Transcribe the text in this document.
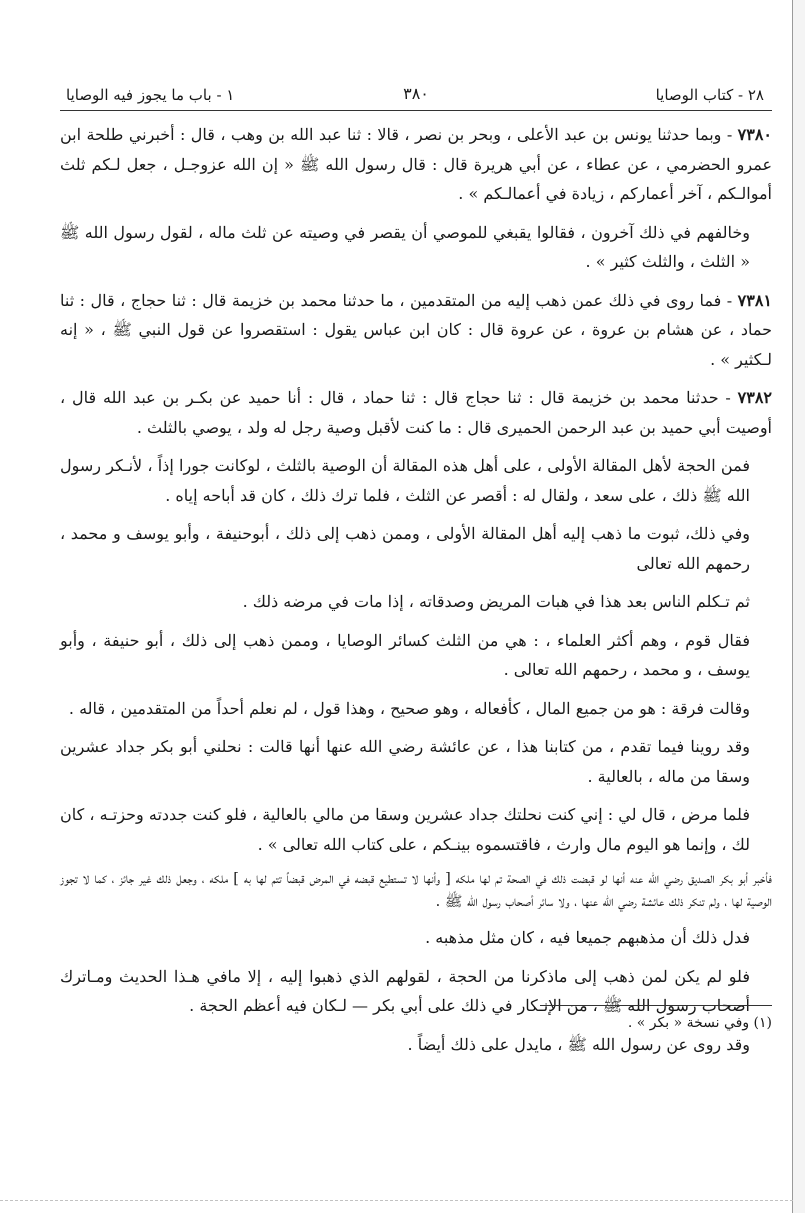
٢٨ - كتاب الوصايا
٣٨٠
١ - باب ما يجوز فيه الوصايا

٧٣٨٠ - وبما حدثنا يونس بن عبد الأعلى ، وبحر بن نصر ، قالا : ثنا عبد الله بن وهب ، قال : أخبرني طلحة ابن عمرو الحضرمي ، عن عطاء ، عن أبي هريرة قال : قال رسول الله ﷺ « إن الله عزوجـل ، جعل لـكم ثلث أموالـكم ، آخر أعماركم ، زيادة في أعمالـكم » .

وخالفهم في ذلك آخرون ، فقالوا يقبغي للموصي أن يقصر في وصيته عن ثلث ماله ، لقول رسول الله ﷺ « الثلث ، والثلث كثير » .

٧٣٨١ - فما روى في ذلك عمن ذهب إليه من المتقدمين ، ما حدثنا محمد بن خزيمة قال : ثنا حجاج ، قال : ثنا حماد ، عن هشام بن عروة ، عن عروة قال : كان ابن عباس يقول : استقصروا عن قول النبي ﷺ ، « إنه لـكثير » .

٧٣٨٢ - حدثنا محمد بن خزيمة قال : ثنا حجاج قال : ثنا حماد ، قال : أنا حميد عن بكـر بن عبد الله قال ، أوصيت أبي حميد بن عبد الرحمن الحميرى قال : ما كنت لأقبل وصية رجل له ولد ، يوصي بالثلث .

فمن الحجة لأهل المقالة الأولى ، على أهل هذه المقالة أن الوصية بالثلث ، لوكانت جورا إذاً ، لأنـكر رسول الله ﷺ ذلك ، على سعد ، ولقال له : أقصر عن الثلث ، فلما ترك ذلك ، كان قد أباحه إياه .

وفي ذلك، ثبوت ما ذهب إليه أهل المقالة الأولى ، وممن ذهب إلى ذلك ، أبوحنيفة ، وأبو يوسف و محمد ، رحمهم الله تعالى

ثم تـكلم الناس بعد هذا في هبات المريض وصدقاته ، إذا مات في مرضه ذلك .

فقال قوم ، وهم أكثر العلماء ، : هي من الثلث كسائر الوصايا ، وممن ذهب إلى ذلك ، أبو حنيفة ، وأبو يوسف ، و محمد ، رحمهم الله تعالى .

وقالت فرقة : هو من جميع المال ، كأفعاله ، وهو صحيح ، وهذا قول ، لم نعلم أحداً من المتقدمين ، قاله .

وقد روينا فيما تقدم ، من كتابنا هذا ، عن عائشة رضي الله عنها أنها قالت : نحلني أبو بكر جداد عشرين وسقا من ماله ، بالعالية .

فلما مرض ، قال لي : إني كنت نحلتك جداد عشرين وسقا من مالي بالعالية ، فلو كنت جددته وحزتـه ، كان لك ، وإنما هو اليوم مال وارث ، فاقتسموه بينـكم ، على كتاب الله تعالى » .

فأخبر أبو بكر الصديق رضي الله عنه أنها لو قبضت ذلك في الصحة تم لها ملكه [ وأنها لا تستطيع قبضه في المرض قبضاً تتم لها به ] ملكه ، وجعل ذلك غير جائز ، كما لا تجوز الوصية لها ، ولم تنكر ذلك عائشة رضي الله عنها ، ولا سائر أصحاب رسول الله ﷺ .

فدل ذلك أن مذهبهم جميعا فيه ، كان مثل مذهبه .

فلو لم يكن لمن ذهب إلى ماذكرنا من الحجة ، لقولهم الذي ذهبوا إليه ، إلا مافي هـذا الحديث ومـاترك أصحاب رسول الله ﷺ ، من الإنـكار في ذلك على أبي بكر — لـكان فيه أعظم الحجة .

وقد روى عن رسول الله ﷺ ، مايدل على ذلك أيضاً .

(١) وفي نسخة « بكر » .
